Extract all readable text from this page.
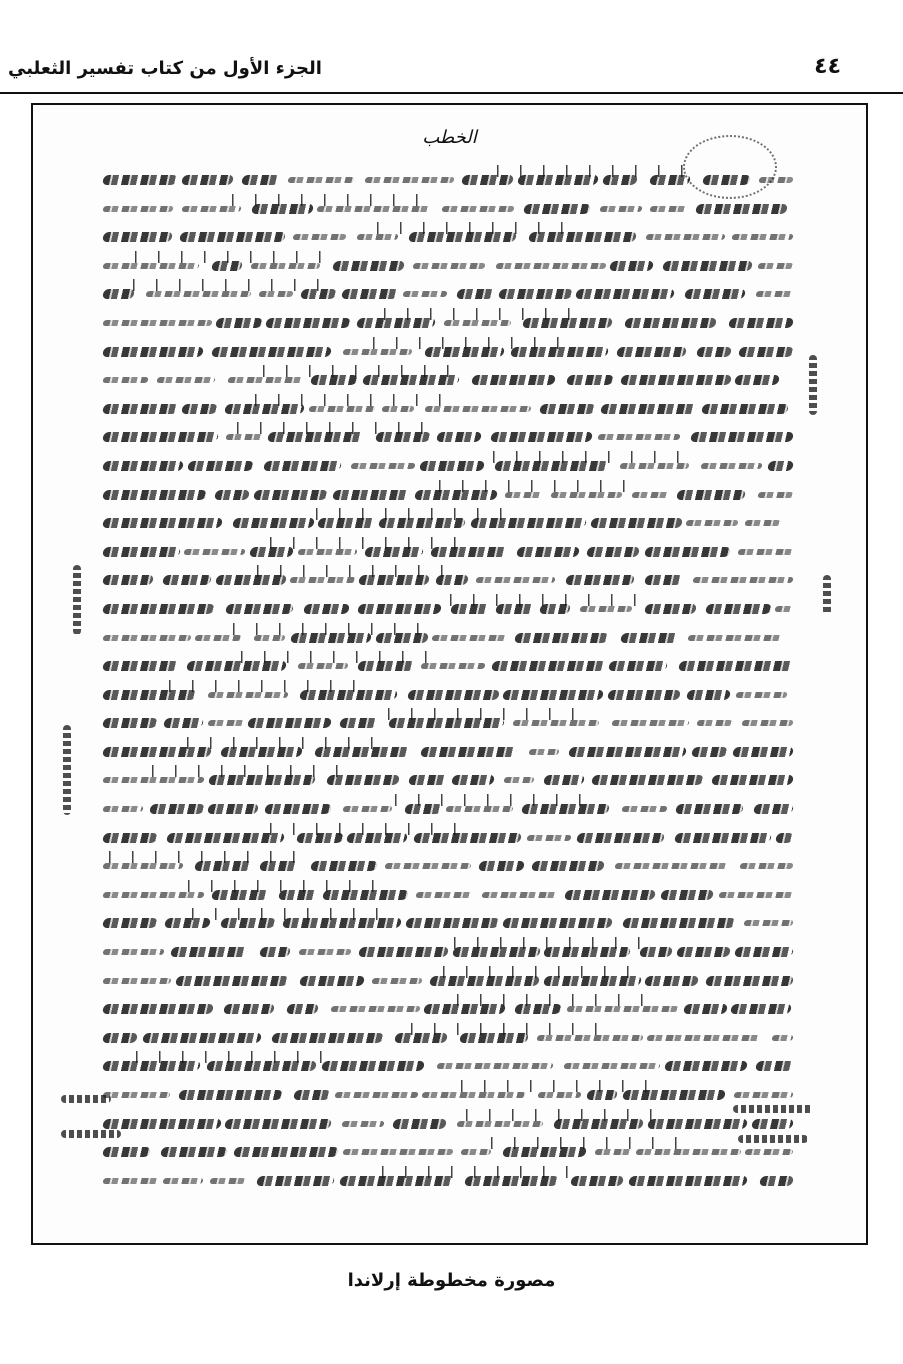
٤٤
الجزء الأول من كتاب تفسير الثعلبي
الخطب
مصورة مخطوطة إرلاندا
